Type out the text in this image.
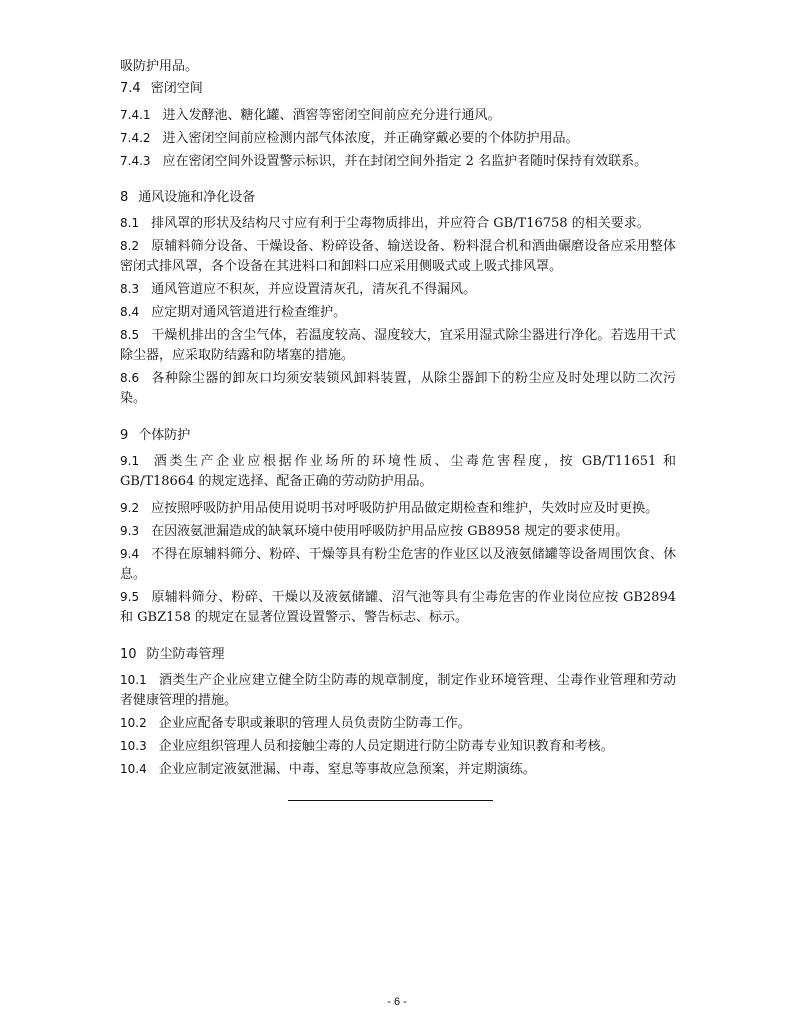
吸防护用品。
7.4 密闭空间
7.4.1 进入发酵池、糖化罐、酒窖等密闭空间前应充分进行通风。
7.4.2 进入密闭空间前应检测内部气体浓度，并正确穿戴必要的个体防护用品。
7.4.3 应在密闭空间外设置警示标识，并在封闭空间外指定 2 名监护者随时保持有效联系。
8 通风设施和净化设备
8.1 排风罩的形状及结构尺寸应有利于尘毒物质排出，并应符合 GB/T16758 的相关要求。
8.2 原辅料筛分设备、干燥设备、粉碎设备、输送设备、粉料混合机和酒曲碾磨设备应采用整体密闭式排风罩，各个设备在其进料口和卸料口应采用侧吸式或上吸式排风罩。
8.3 通风管道应不积灰，并应设置清灰孔，清灰孔不得漏风。
8.4 应定期对通风管道进行检查维护。
8.5 干燥机排出的含尘气体，若温度较高、湿度较大，宜采用湿式除尘器进行净化。若选用干式除尘器，应采取防结露和防堵塞的措施。
8.6 各种除尘器的卸灰口均须安装锁风卸料装置，从除尘器卸下的粉尘应及时处理以防二次污染。
9 个体防护
9.1 酒类生产企业应根据作业场所的环境性质、尘毒危害程度，按 GB/T11651 和 GB/T18664 的规定选择、配备正确的劳动防护用品。
9.2 应按照呼吸防护用品使用说明书对呼吸防护用品做定期检查和维护，失效时应及时更换。
9.3 在因液氨泄漏造成的缺氧环境中使用呼吸防护用品应按 GB8958 规定的要求使用。
9.4 不得在原辅料筛分、粉碎、干燥等具有粉尘危害的作业区以及液氨储罐等设备周围饮食、休息。
9.5 原辅料筛分、粉碎、干燥以及液氨储罐、沼气池等具有尘毒危害的作业岗位应按 GB2894 和 GBZ158 的规定在显著位置设置警示、警告标志、标示。
10 防尘防毒管理
10.1 酒类生产企业应建立健全防尘防毒的规章制度，制定作业环境管理、尘毒作业管理和劳动者健康管理的措施。
10.2 企业应配备专职或兼职的管理人员负责防尘防毒工作。
10.3 企业应组织管理人员和接触尘毒的人员定期进行防尘防毒专业知识教育和考核。
10.4 企业应制定液氨泄漏、中毒、窒息等事故应急预案，并定期演练。
- 6 -
